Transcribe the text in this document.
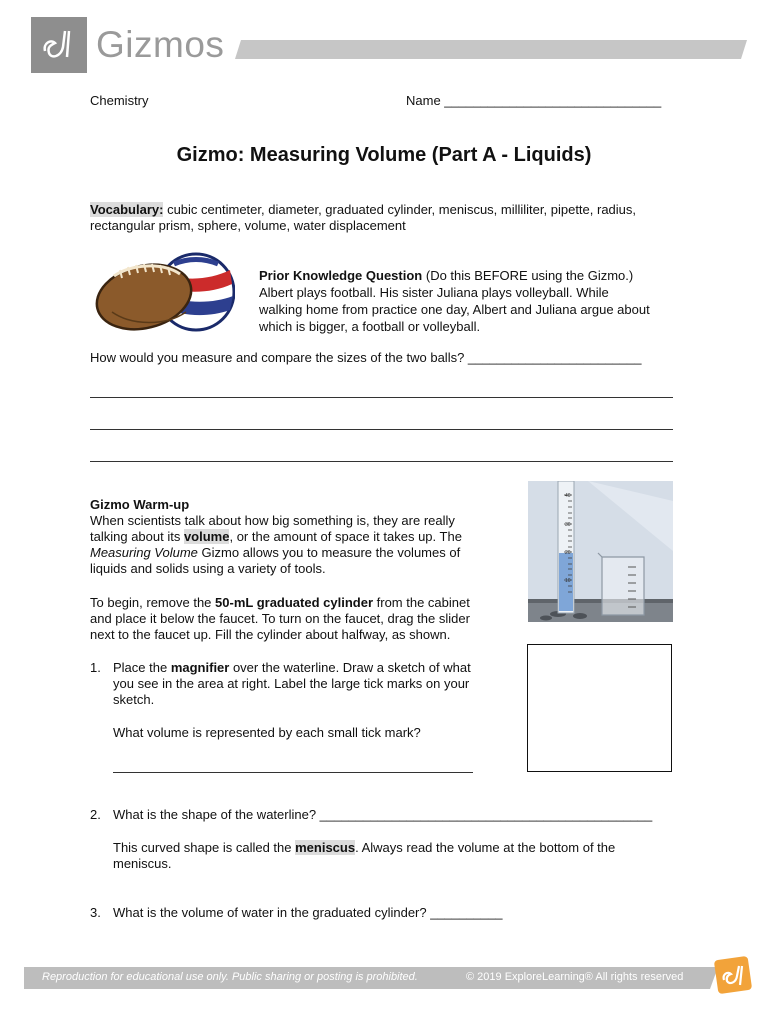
Gizmos
Chemistry	Name ______________________________
Gizmo: Measuring Volume (Part A - Liquids)
Vocabulary: cubic centimeter, diameter, graduated cylinder, meniscus, milliliter, pipette, radius,
rectangular prism, sphere, volume, water displacement
Prior Knowledge Question (Do this BEFORE using the Gizmo.)
Albert plays football. His sister Juliana plays volleyball. While
walking home from practice one day, Albert and Juliana argue about
which is bigger, a football or volleyball.
How would you measure and compare the sizes of the two balls? ________________________
Gizmo Warm-up
When scientists talk about how big something is, they are really
talking about its volume, or the amount of space it takes up. The
Measuring Volume Gizmo allows you to measure the volumes of
liquids and solids using a variety of tools.
To begin, remove the 50-mL graduated cylinder from the cabinet
and place it below the faucet. To turn on the faucet, drag the slider
next to the faucet up. Fill the cylinder about halfway, as shown.
40
30
20
10
1. Place the magnifier over the waterline. Draw a sketch of what
you see in the area at right. Label the large tick marks on your
sketch.
What volume is represented by each small tick mark?
2. What is the shape of the waterline? ______________________________________________
This curved shape is called the meniscus. Always read the volume at the bottom of the
meniscus.
3. What is the volume of water in the graduated cylinder? __________
Reproduction for educational use only. Public sharing or posting is prohibited.	© 2019 ExploreLearning® All rights reserved
